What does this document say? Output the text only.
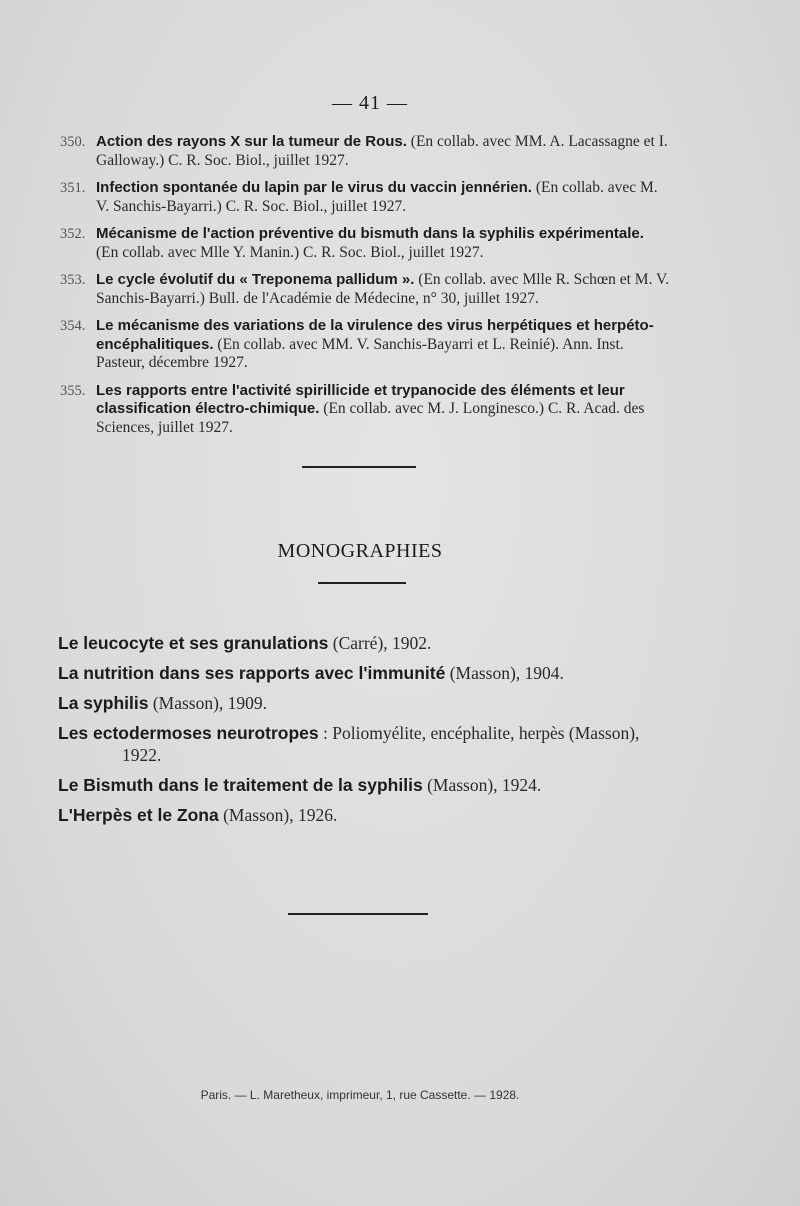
— 41 —
350. Action des rayons X sur la tumeur de Rous. (En collab. avec MM. A. Lacassagne et I. Galloway.) C. R. Soc. Biol., juillet 1927.
351. Infection spontanée du lapin par le virus du vaccin jennérien. (En collab. avec M. V. Sanchis-Bayarri.) C. R. Soc. Biol., juillet 1927.
352. Mécanisme de l'action préventive du bismuth dans la syphilis expérimentale. (En collab. avec Mlle Y. Manin.) C. R. Soc. Biol., juillet 1927.
353. Le cycle évolutif du « Treponema pallidum ». (En collab. avec Mlle R. Schœn et M. V. Sanchis-Bayarri.) Bull. de l'Académie de Médecine, n° 30, juillet 1927.
354. Le mécanisme des variations de la virulence des virus herpétiques et herpéto-encéphalitiques. (En collab. avec MM. V. Sanchis-Bayarri et L. Reinié). Ann. Inst. Pasteur, décembre 1927.
355. Les rapports entre l'activité spirillicide et trypanocide des éléments et leur classification électro-chimique. (En collab. avec M. J. Longinesco.) C. R. Acad. des Sciences, juillet 1927.
MONOGRAPHIES
Le leucocyte et ses granulations (Carré), 1902.
La nutrition dans ses rapports avec l'immunité (Masson), 1904.
La syphilis (Masson), 1909.
Les ectodermoses neurotropes : Poliomyélite, encéphalite, herpès (Masson), 1922.
Le Bismuth dans le traitement de la syphilis (Masson), 1924.
L'Herpès et le Zona (Masson), 1926.
Paris. — L. Maretheux, imprimeur, 1, rue Cassette. — 1928.
